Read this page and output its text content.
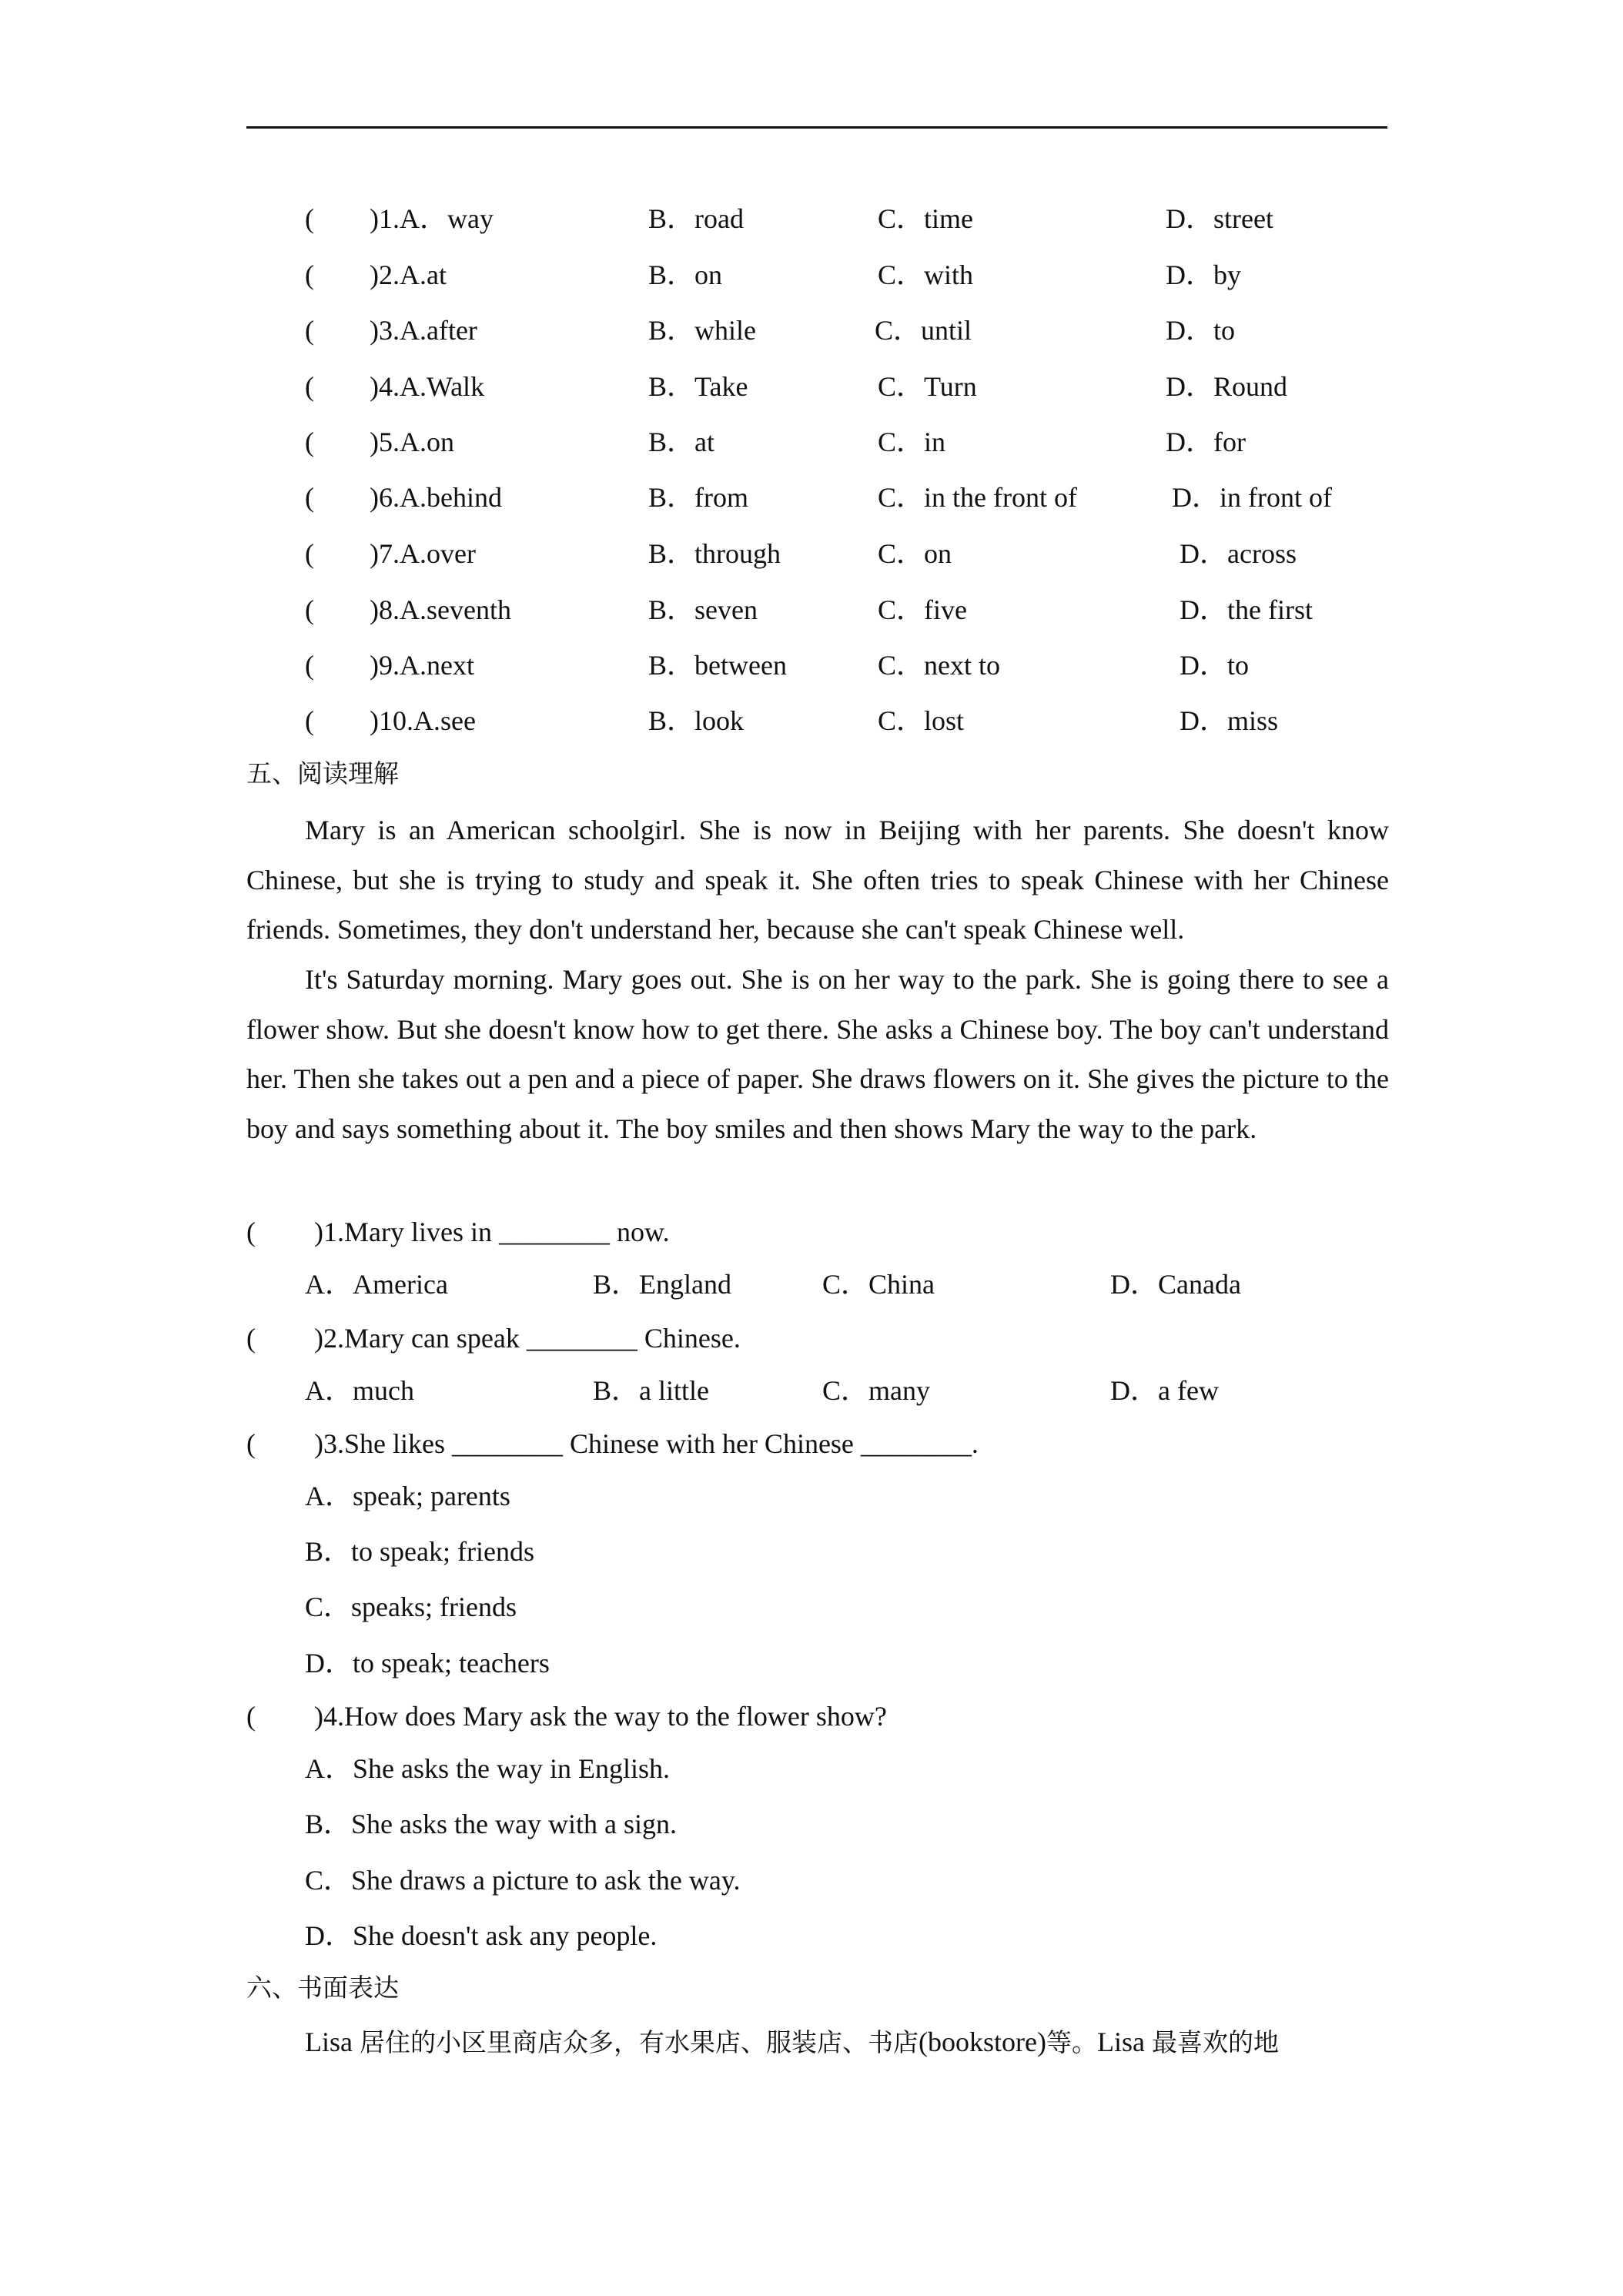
( )1.A．way	B．road	C．time	D．street
( )2.A.at	B．on	C．with	D．by
( )3.A.after	B．while	C．until	D．to
( )4.A.Walk	B．Take	C．Turn	D．Round
( )5.A.on	B．at	C．in	D．for
( )6.A.behind	B．from	C．in the front of	D．in front of
( )7.A.over	B．through	C．on	D．across
( )8.A.seventh	B．seven	C．five	D．the first
( )9.A.next	B．between	C．next to	D．to
( )10.A.see	B．look	C．lost	D．miss
五、阅读理解

Mary is an American schoolgirl. She is now in Beijing with her parents. She doesn't know Chinese, but she is trying to study and speak it. She often tries to speak Chinese with her Chinese friends. Sometimes, they don't understand her, because she can't speak Chinese well.

It's Saturday morning. Mary goes out. She is on her way to the park. She is going there to see a flower show. But she doesn't know how to get there. She asks a Chinese boy. The boy can't understand her. Then she takes out a pen and a piece of paper. She draws flowers on it. She gives the picture to the boy and says something about it. The boy smiles and then shows Mary the way to the park.

( )1.Mary lives in ________ now.
A．America	B．England	C．China	D．Canada
( )2.Mary can speak ________ Chinese.
A．much	B．a little	C．many	D．a few
( )3.She likes ________ Chinese with her Chinese ________.
A．speak; parents
B．to speak; friends
C．speaks; friends
D．to speak; teachers
( )4.How does Mary ask the way to the flower show?
A．She asks the way in English.
B．She asks the way with a sign.
C．She draws a picture to ask the way.
D．She doesn't ask any people.
六、书面表达
Lisa 居住的小区里商店众多，有水果店、服装店、书店(bookstore)等。Lisa 最喜欢的地
